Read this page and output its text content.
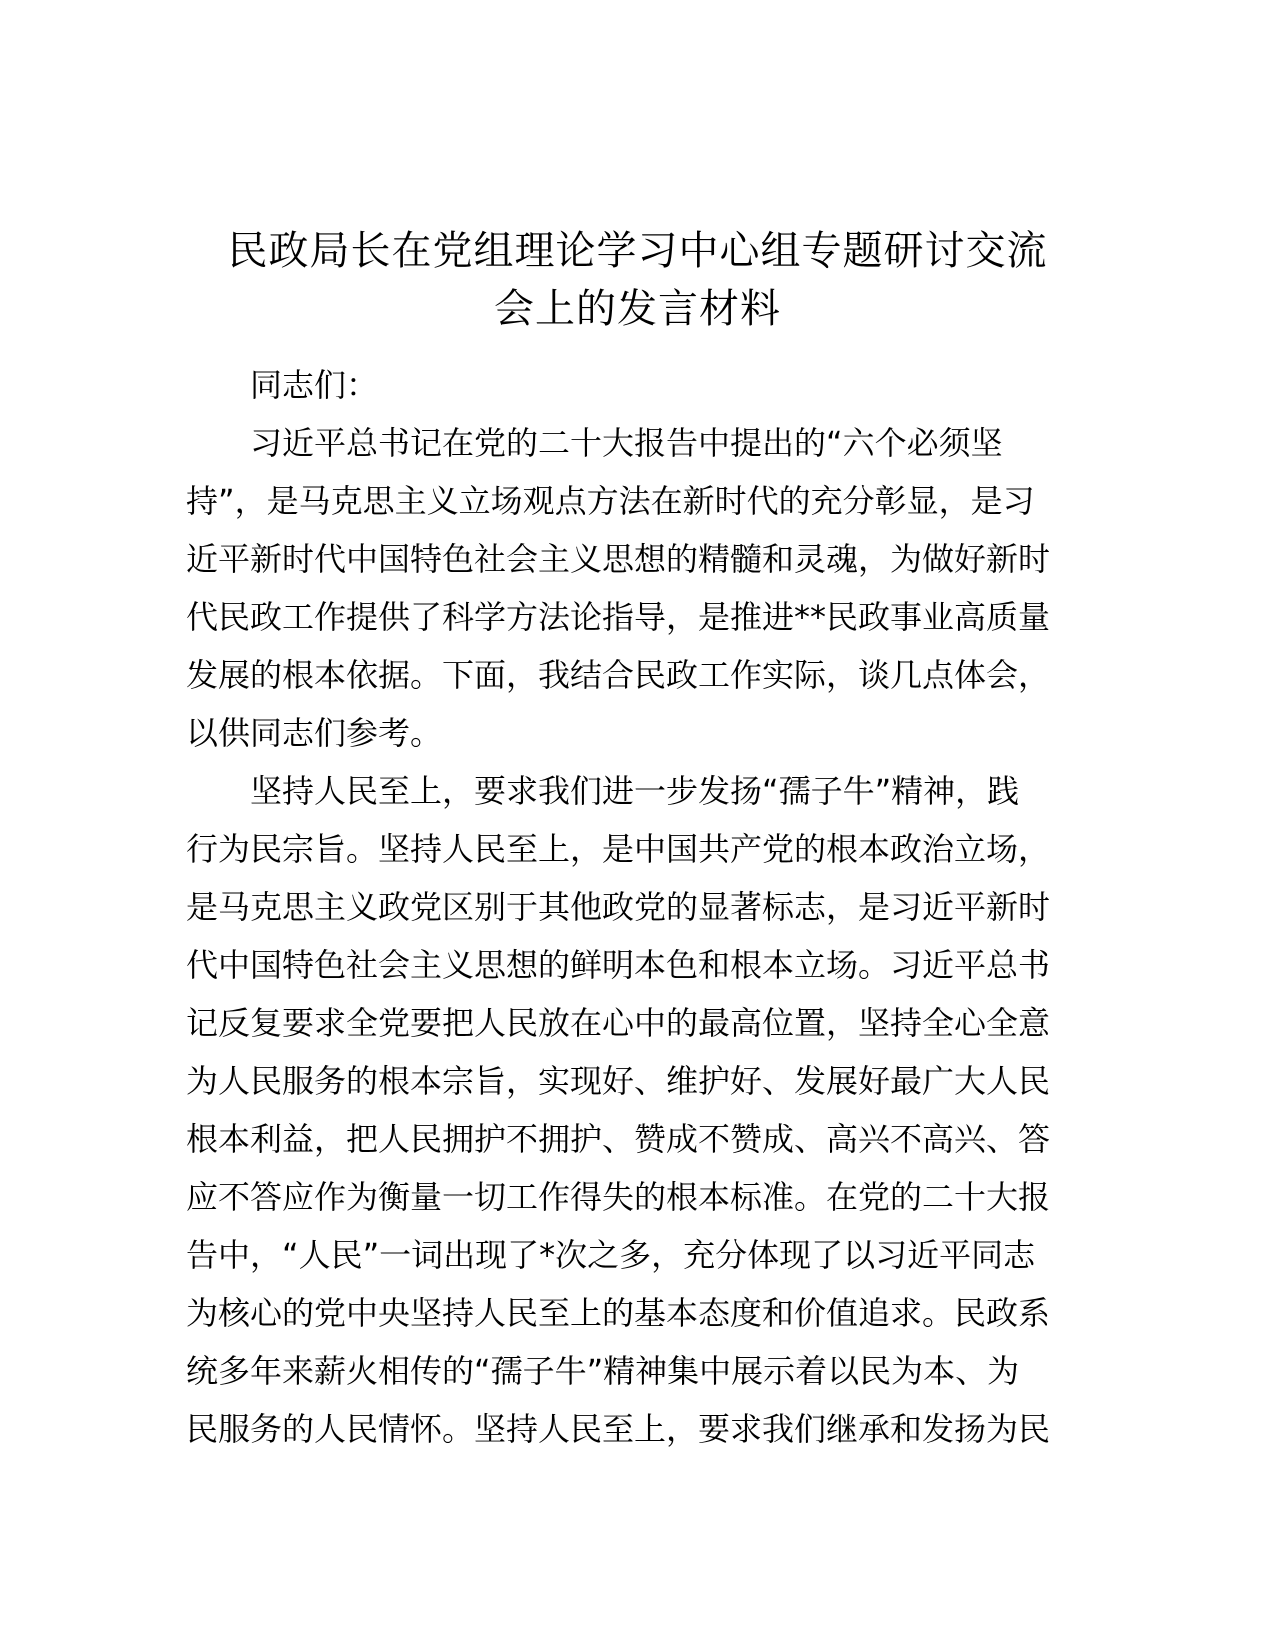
民政局长在党组理论学习中心组专题研讨交流
会上的发言材料

同志们：

习近平总书记在党的二十大报告中提出的“六个必须坚
持”，是马克思主义立场观点方法在新时代的充分彰显，是习
近平新时代中国特色社会主义思想的精髓和灵魂，为做好新时
代民政工作提供了科学方法论指导，是推进**民政事业高质量
发展的根本依据。下面，我结合民政工作实际，谈几点体会，
以供同志们参考。

坚持人民至上，要求我们进一步发扬“孺子牛”精神，践
行为民宗旨。坚持人民至上，是中国共产党的根本政治立场，
是马克思主义政党区别于其他政党的显著标志，是习近平新时
代中国特色社会主义思想的鲜明本色和根本立场。习近平总书
记反复要求全党要把人民放在心中的最高位置，坚持全心全意
为人民服务的根本宗旨，实现好、维护好、发展好最广大人民
根本利益，把人民拥护不拥护、赞成不赞成、高兴不高兴、答
应不答应作为衡量一切工作得失的根本标准。在党的二十大报
告中，“人民”一词出现了*次之多，充分体现了以习近平同志
为核心的党中央坚持人民至上的基本态度和价值追求。民政系
统多年来薪火相传的“孺子牛”精神集中展示着以民为本、为
民服务的人民情怀。坚持人民至上，要求我们继承和发扬为民
